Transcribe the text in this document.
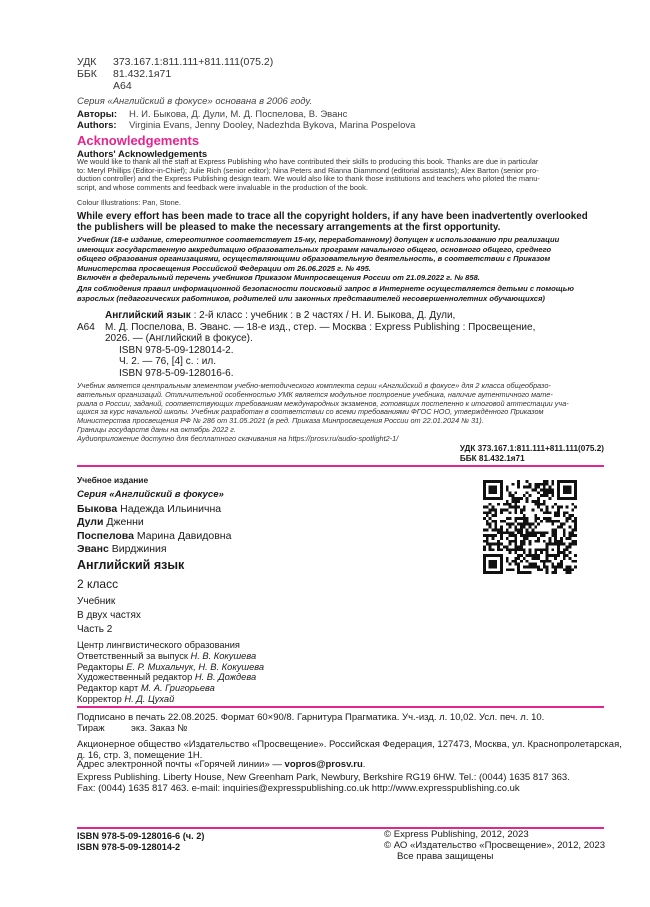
УДК 373.167.1:811.111+811.111(075.2)
ББК 81.432.1я71
А64
Серия «Английский в фокусе» основана в 2006 году.
Авторы: Н. И. Быкова, Д. Дули, М. Д. Поспелова, В. Эванс
Authors: Virginia Evans, Jenny Dooley, Nadezhda Bykova, Marina Pospelova
Acknowledgements
Authors' Acknowledgements
We would like to thank all the staff at Express Publishing who have contributed their skills to producing this book. Thanks are due in particular
to: Meryl Phillips (Editor-in-Chief); Julie Rich (senior editor); Nina Peters and Rianna Diammond (editorial assistants); Alex Barton (senior pro-
duction controller) and the Express Publishing design team. We would also like to thank those institutions and teachers who piloted the manu-
script, and whose comments and feedback were invaluable in the production of the book.
Colour Illustrations: Pan, Stone.
While every effort has been made to trace all the copyright holders, if any have been inadvertently overlooked
the publishers will be pleased to make the necessary arrangements at the first opportunity.
Учебник (18-е издание, стереотипное соответствует 15-му, переработанному) допущен к использованию при реализации
имеющих государственную аккредитацию образовательных программ начального общего, основного общего, среднего
общего образования организациями, осуществляющими образовательную деятельность, в соответствии с Приказом
Министерства просвещения Российской Федерации от 26.06.2025 г. № 495.
Включён в федеральный перечень учебников Приказом Минпросвещения России от 21.09.2022 г. № 858.
Для соблюдения правил информационной безопасности поисковый запрос в Интернете осуществляется детьми с помощью
взрослых (педагогических работников, родителей или законных представителей несовершеннолетних обучающихся)
Английский язык : 2-й класс : учебник : в 2 частях / Н. И. Быкова, Д. Дули,
А64 М. Д. Поспелова, В. Эванс. — 18-е изд., стер. — Москва : Express Publishing : Просвещение,
2026. — (Английский в фокусе).
ISBN 978-5-09-128014-2.
Ч. 2. — 76, [4] с. : ил.
ISBN 978-5-09-128016-6.
Учебник является центральным элементом учебно-методического комплекта серии «Английский в фокусе» для 2 класса общеобразо-
вательных организаций. Отличительной особенностью УМК является модульное построение учебника, наличие аутентичного мате-
риала о России, заданий, соответствующих требованиям международных экзаменов, готовящих постепенно к итоговой аттестации уча-
щихся за курс начальной школы. Учебник разработан в соответствии со всеми требованиями ФГОС НОО, утверждённого Приказом
Министерства просвещения РФ № 286 от 31.05.2021 (в ред. Приказа Минпросвещения России от 22.01.2024 № 31).
Границы государств даны на октябрь 2022 г.
Аудиоприложение доступно для бесплатного скачивания на https://prosv.ru/audio-spotlight2-1/
УДК 373.167.1:811.111+811.111(075.2)
ББК 81.432.1я71
Учебное издание
Серия «Английский в фокусе»
Быкова Надежда Ильинична
Дули Дженни
Поспелова Марина Давидовна
Эванс Вирджиния
Английский язык
2 класс
Учебник
В двух частях
Часть 2
Центр лингвистического образования
Ответственный за выпуск Н. В. Кокушева
Редакторы Е. Р. Михальчук, Н. В. Кокушева
Художественный редактор Н. В. Дождева
Редактор карт М. А. Григорьева
Корректор Н. Д. Цухай
Подписано в печать 22.08.2025. Формат 60×90/8. Гарнитура Прагматика. Уч.-изд. л. 10,02. Усл. печ. л. 10.
Тираж          экз. Заказ №
Акционерное общество «Издательство «Просвещение». Российская Федерация, 127473, Москва, ул. Краснопролетарская,
д. 16, стр. 3, помещение 1Н.
Адрес электронной почты «Горячей линии» — vopros@prosv.ru.
Express Publishing. Liberty House, New Greenham Park, Newbury, Berkshire RG19 6HW. Tel.: (0044) 1635 817 363.
Fax: (0044) 1635 817 463. e-mail: inquiries@expresspublishing.co.uk http://www.expresspublishing.co.uk
ISBN 978-5-09-128016-6 (ч. 2)
ISBN 978-5-09-128014-2
© Express Publishing, 2012, 2023
© АО «Издательство «Просвещение», 2012, 2023
Все права защищены
